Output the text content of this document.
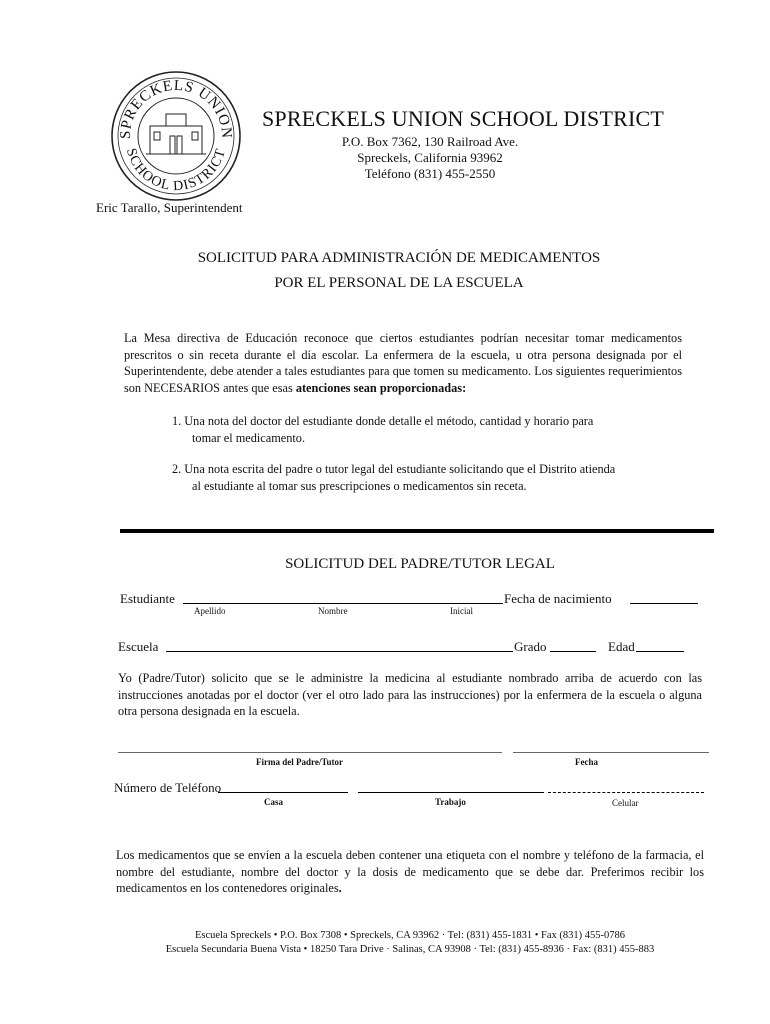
SPRECKELS UNION
SCHOOL DISTRICT
SPRECKELS UNION SCHOOL DISTRICT
P.O. Box 7362, 130 Railroad Ave.
Spreckels, California 93962
Teléfono (831) 455-2550
Eric Tarallo, Superintendent
SOLICITUD PARA ADMINISTRACIÓN DE MEDICAMENTOS
POR EL PERSONAL DE LA ESCUELA
La Mesa directiva de Educación reconoce que ciertos estudiantes podrían necesitar tomar medicamentos prescritos o sin receta durante el día escolar. La enfermera de la escuela, u otra persona designada por el Superintendente, debe atender a tales estudiantes para que tomen su medicamento. Los siguientes requerimientos son NECESARIOS antes que esas atenciones sean proporcionadas:
1. Una nota del doctor del estudiante donde detalle el método, cantidad y horario para
tomar el medicamento.
2. Una nota escrita del padre o tutor legal del estudiante solicitando que el Distrito atienda
al estudiante al tomar sus prescripciones o medicamentos sin receta.
SOLICITUD DEL PADRE/TUTOR LEGAL
Estudiante	Fecha de nacimiento
Apellido	Nombre	Inicial
Escuela	Grado	Edad
Yo (Padre/Tutor) solicito que se le administre la medicina al estudiante nombrado arriba de acuerdo con las instrucciones anotadas por el doctor (ver el otro lado para las instrucciones) por la enfermera de la escuela o alguna otra persona designada en la escuela.
Firma del Padre/Tutor	Fecha
Número de Teléfono
Casa	Trabajo	Celular
Los medicamentos que se envíen a la escuela deben contener una etiqueta con el nombre y teléfono de la farmacia, el nombre del estudiante, nombre del doctor y la dosis de medicamento que se debe dar. Preferimos recibir los medicamentos en los contenedores originales.
Escuela Spreckels • P.O. Box 7308 • Spreckels, CA 93962 · Tel: (831) 455-1831 • Fax (831) 455-0786
Escuela Secundaria Buena Vista • 18250 Tara Drive · Salinas, CA 93908 · Tel: (831) 455-8936 · Fax: (831) 455-883
